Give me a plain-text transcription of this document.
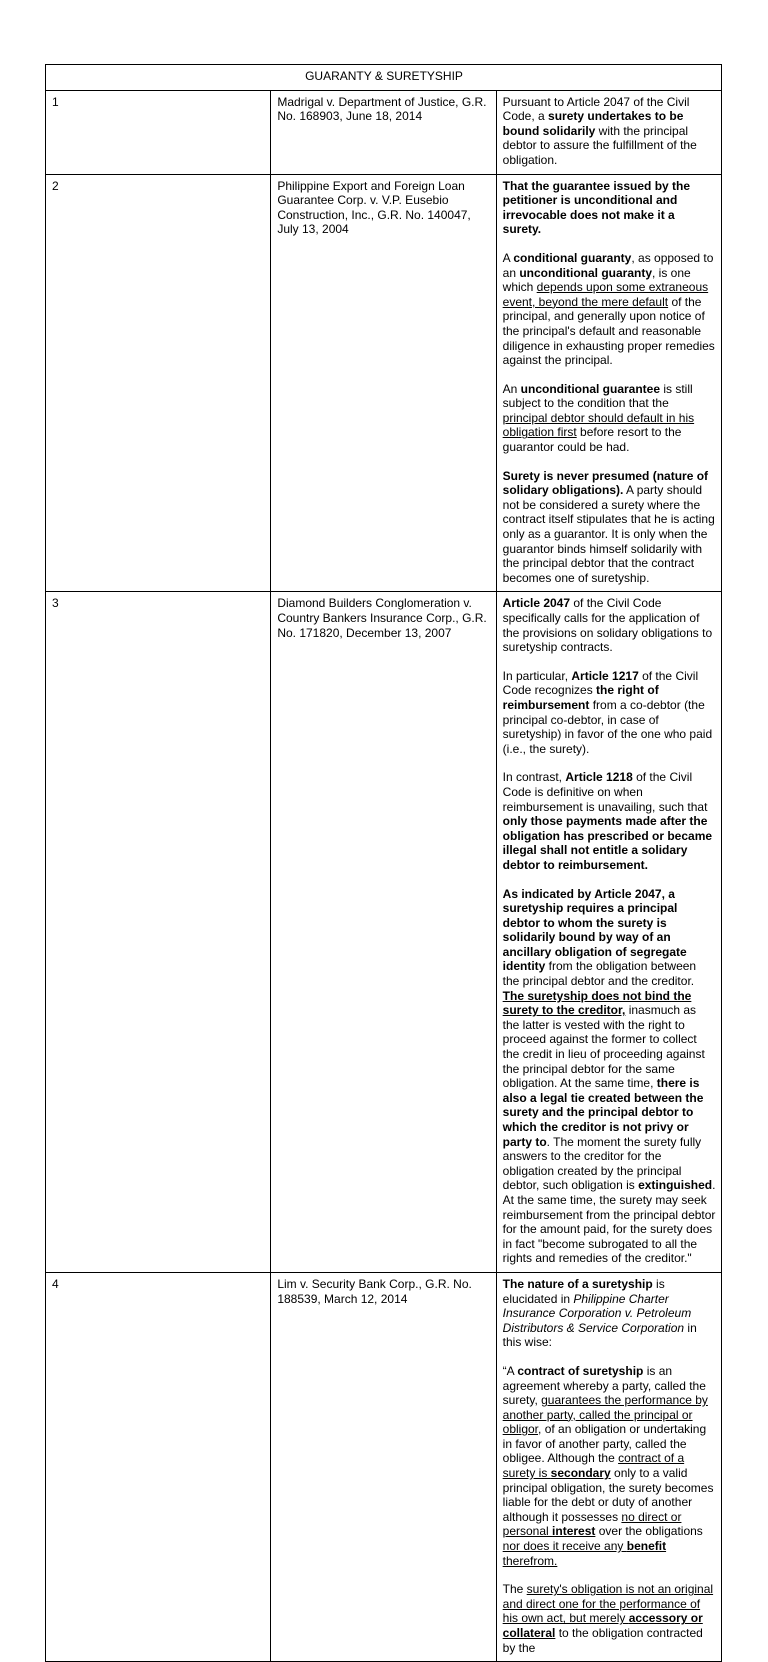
GUARANTY & SURETYSHIP		
1	Madrigal v. Department of Justice, G.R. No. 168903, June 18, 2014	Pursuant to Article 2047 of the Civil Code, a surety undertakes to be bound solidarily with the principal debtor to assure the fulfillment of the obligation.

2	Philippine Export and Foreign Loan Guarantee Corp. v. V.P. Eusebio Construction, Inc., G.R. No. 140047, July 13, 2004	That the guarantee issued by the petitioner is unconditional and irrevocable does not make it a surety.

A conditional guaranty, as opposed to an unconditional guaranty, is one which depends upon some extraneous event, beyond the mere default of the principal, and generally upon notice of the principal's default and reasonable diligence in exhausting proper remedies against the principal.

An unconditional guarantee is still subject to the condition that the principal debtor should default in his obligation first before resort to the guarantor could be had.

Surety is never presumed (nature of solidary obligations). A party should not be considered a surety where the contract itself stipulates that he is acting only as a guarantor. It is only when the guarantor binds himself solidarily with the principal debtor that the contract becomes one of suretyship.

3	Diamond Builders Conglomeration v. Country Bankers Insurance Corp., G.R. No. 171820, December 13, 2007	Article 2047 of the Civil Code specifically calls for the application of the provisions on solidary obligations to suretyship contracts.

In particular, Article 1217 of the Civil Code recognizes the right of reimbursement from a co-debtor (the principal co-debtor, in case of suretyship) in favor of the one who paid (i.e., the surety).

In contrast, Article 1218 of the Civil Code is definitive on when reimbursement is unavailing, such that only those payments made after the obligation has prescribed or became illegal shall not entitle a solidary debtor to reimbursement.

As indicated by Article 2047, a suretyship requires a principal debtor to whom the surety is solidarily bound by way of an ancillary obligation of segregate identity from the obligation between the principal debtor and the creditor. The suretyship does not bind the surety to the creditor, inasmuch as the latter is vested with the right to proceed against the former to collect the credit in lieu of proceeding against the principal debtor for the same obligation. At the same time, there is also a legal tie created between the surety and the principal debtor to which the creditor is not privy or party to. The moment the surety fully answers to the creditor for the obligation created by the principal debtor, such obligation is extinguished. At the same time, the surety may seek reimbursement from the principal debtor for the amount paid, for the surety does in fact "become subrogated to all the rights and remedies of the creditor."

4	Lim v. Security Bank Corp., G.R. No. 188539, March 12, 2014	The nature of a suretyship is elucidated in Philippine Charter Insurance Corporation v. Petroleum Distributors & Service Corporation in this wise:

“A contract of suretyship is an agreement whereby a party, called the surety, guarantees the performance by another party, called the principal or obligor, of an obligation or undertaking in favor of another party, called the obligee. Although the contract of a surety is secondary only to a valid principal obligation, the surety becomes liable for the debt or duty of another although it possesses no direct or personal interest over the obligations nor does it receive any benefit therefrom.

The surety's obligation is not an original and direct one for the performance of his own act, but merely accessory or collateral to the obligation contracted by the
